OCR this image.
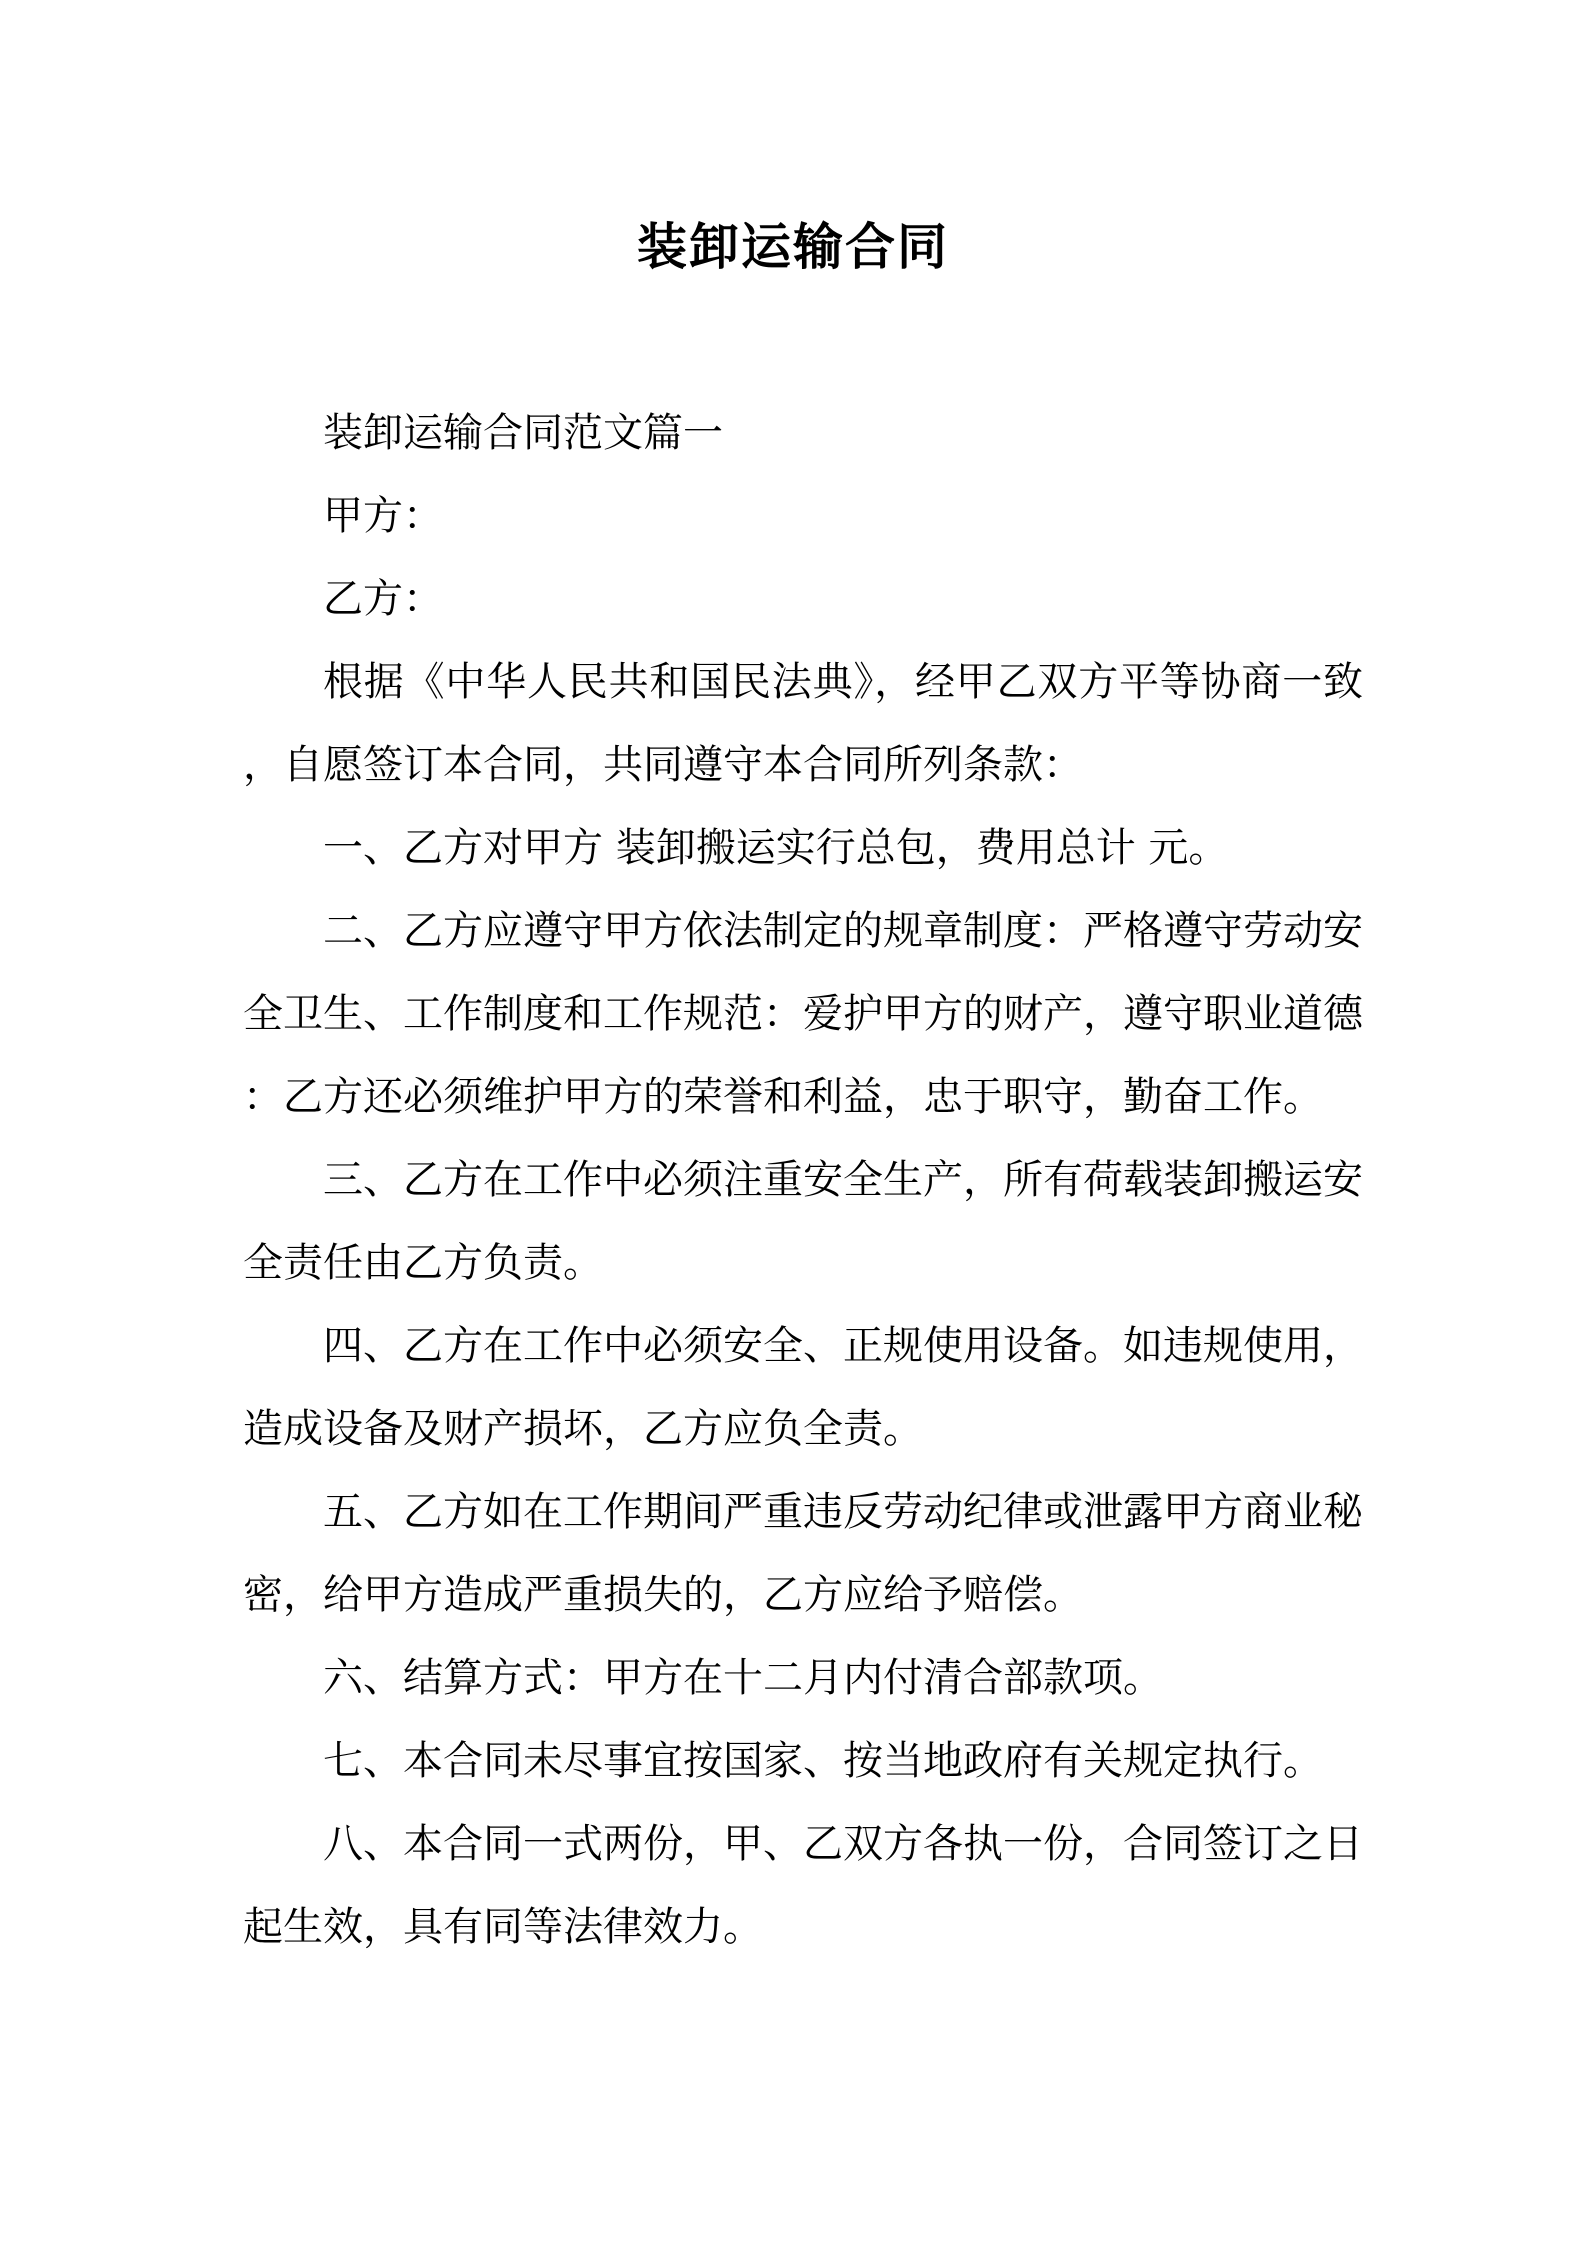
装卸运输合同

装卸运输合同范文篇一

甲方：

乙方：

根据《中华人民共和国民法典》，经甲乙双方平等协商一致，自愿签订本合同，共同遵守本合同所列条款：

一、乙方对甲方 装卸搬运实行总包，费用总计 元。

二、乙方应遵守甲方依法制定的规章制度：严格遵守劳动安全卫生、工作制度和工作规范：爱护甲方的财产，遵守职业道德：乙方还必须维护甲方的荣誉和利益，忠于职守，勤奋工作。

三、乙方在工作中必须注重安全生产，所有荷载装卸搬运安全责任由乙方负责。

四、乙方在工作中必须安全、正规使用设备。如违规使用，造成设备及财产损坏，乙方应负全责。

五、乙方如在工作期间严重违反劳动纪律或泄露甲方商业秘密，给甲方造成严重损失的，乙方应给予赔偿。

六、结算方式：甲方在十二月内付清合部款项。

七、本合同未尽事宜按国家、按当地政府有关规定执行。

八、本合同一式两份，甲、乙双方各执一份，合同签订之日起生效，具有同等法律效力。
